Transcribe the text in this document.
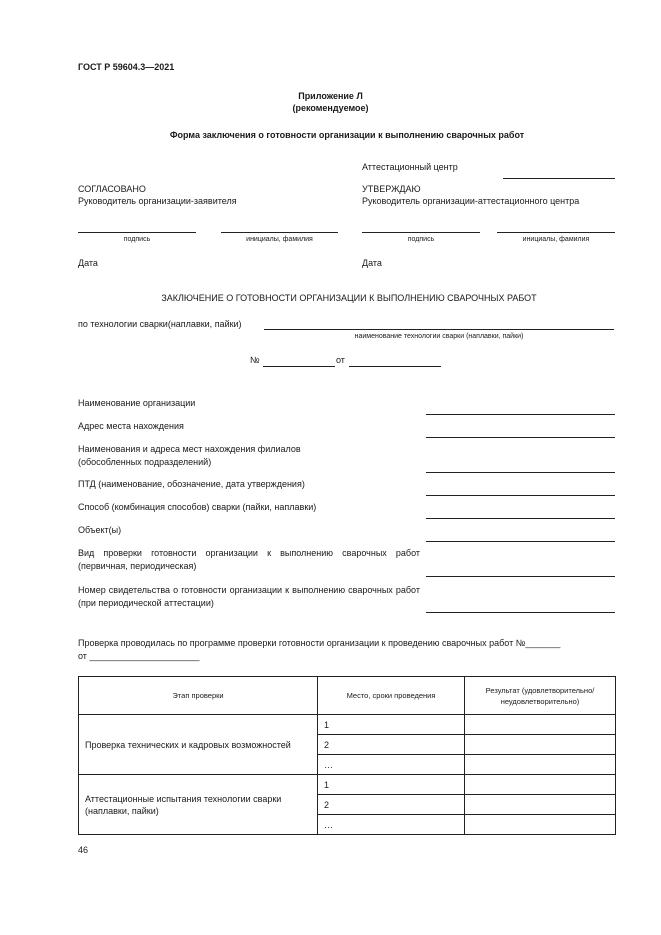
ГОСТ Р 59604.3—2021
Приложение Л
(рекомендуемое)
Форма заключения о готовности организации к выполнению сварочных работ
Аттестационный центр
СОГЛАСОВАНО
Руководитель организации-заявителя
подпись	инициалы, фамилия
Дата
УТВЕРЖДАЮ
Руководитель организации-аттестационного центра
подпись	инициалы, фамилия
Дата
ЗАКЛЮЧЕНИЕ О ГОТОВНОСТИ ОРГАНИЗАЦИИ К ВЫПОЛНЕНИЮ СВАРОЧНЫХ РАБОТ
по технологии сварки(наплавки, пайки)
наименование технологии сварки (наплавки, пайки)
№	от
Наименование организации
Адрес места нахождения
Наименования и адреса мест нахождения филиалов (обособленных подразделений)
ПТД (наименование, обозначение, дата утверждения)
Способ (комбинация способов) сварки (пайки, наплавки)
Объект(ы)
Вид проверки готовности организации к выполнению сварочных работ (первичная, периодическая)
Номер свидетельства о готовности организации к выполнению сварочных работ (при периодической аттестации)
Проверка проводилась по программе проверки готовности организации к проведению сварочных работ №_______
от ______________________
Этап проверки	Место, сроки проведения	Результат (удовлетворительно/ неудовлетворительно)
Проверка технических и кадровых возможностей	1	
	2	
	…	
Аттестационные испытания технологии сварки (наплавки, пайки)	1	
	2	
	…	
46
